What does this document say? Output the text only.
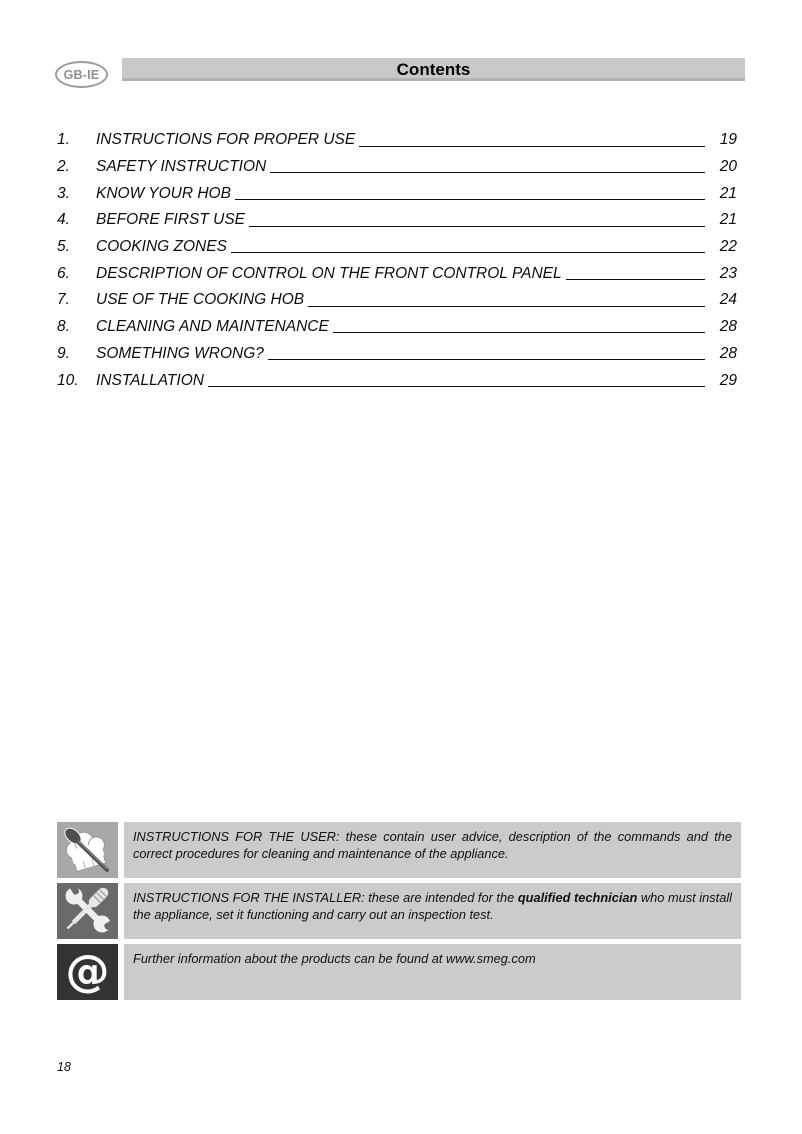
GB-IE	Contents
1.	INSTRUCTIONS FOR PROPER USE	19
2.	SAFETY INSTRUCTION	20
3.	KNOW YOUR HOB	21
4.	BEFORE FIRST USE	21
5.	COOKING ZONES	22
6.	DESCRIPTION OF CONTROL ON THE FRONT CONTROL PANEL	23
7.	USE OF THE COOKING HOB	24
8.	CLEANING AND MAINTENANCE	28
9.	SOMETHING WRONG?	28
10.	INSTALLATION	29
INSTRUCTIONS FOR THE USER: these contain user advice, description of the commands and the correct procedures for cleaning and maintenance of the appliance.
INSTRUCTIONS FOR THE INSTALLER: these are intended for the qualified technician who must install the appliance, set it functioning and carry out an inspection test.
@	Further information about the products can be found at www.smeg.com
18
